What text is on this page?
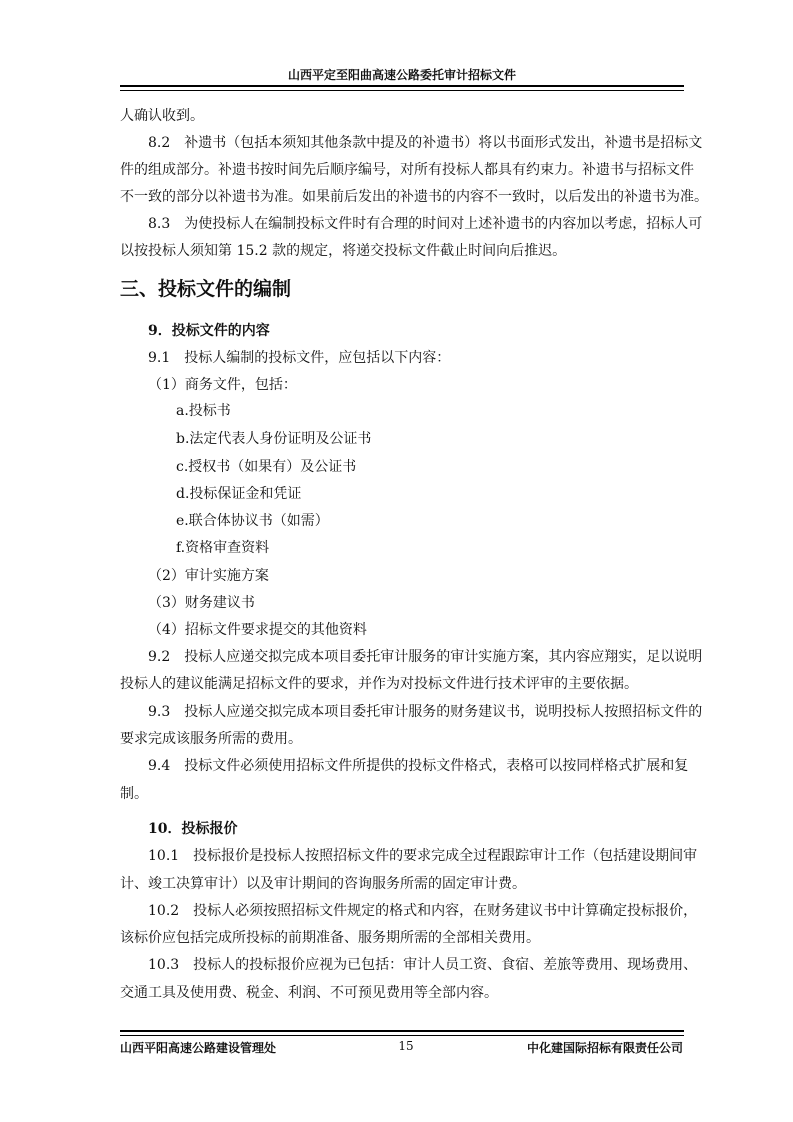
山西平定至阳曲高速公路委托审计招标文件
人确认收到。
8.2　补遗书（包括本须知其他条款中提及的补遗书）将以书面形式发出，补遗书是招标文
件的组成部分。补遗书按时间先后顺序编号，对所有投标人都具有约束力。补遗书与招标文件
不一致的部分以补遗书为准。如果前后发出的补遗书的内容不一致时，以后发出的补遗书为准。
8.3　为使投标人在编制投标文件时有合理的时间对上述补遗书的内容加以考虑，招标人可
以按投标人须知第 15.2 款的规定，将递交投标文件截止时间向后推迟。
三、投标文件的编制
9．投标文件的内容
9.1　投标人编制的投标文件，应包括以下内容：
（1）商务文件，包括：
a.投标书
b.法定代表人身份证明及公证书
c.授权书（如果有）及公证书
d.投标保证金和凭证
e.联合体协议书（如需）
f.资格审查资料
（2）审计实施方案
（3）财务建议书
（4）招标文件要求提交的其他资料
9.2　投标人应递交拟完成本项目委托审计服务的审计实施方案，其内容应翔实，足以说明
投标人的建议能满足招标文件的要求，并作为对投标文件进行技术评审的主要依据。
9.3　投标人应递交拟完成本项目委托审计服务的财务建议书，说明投标人按照招标文件的
要求完成该服务所需的费用。
9.4　投标文件必须使用招标文件所提供的投标文件格式，表格可以按同样格式扩展和复
制。
10．投标报价
10.1　投标报价是投标人按照招标文件的要求完成全过程跟踪审计工作（包括建设期间审
计、竣工决算审计）以及审计期间的咨询服务所需的固定审计费。
10.2　投标人必须按照招标文件规定的格式和内容，在财务建议书中计算确定投标报价，
该标价应包括完成所投标的前期准备、服务期所需的全部相关费用。
10.3　投标人的投标报价应视为已包括：审计人员工资、食宿、差旅等费用、现场费用、
交通工具及使用费、税金、利润、不可预见费用等全部内容。
山西平阳高速公路建设管理处	15	中化建国际招标有限责任公司
